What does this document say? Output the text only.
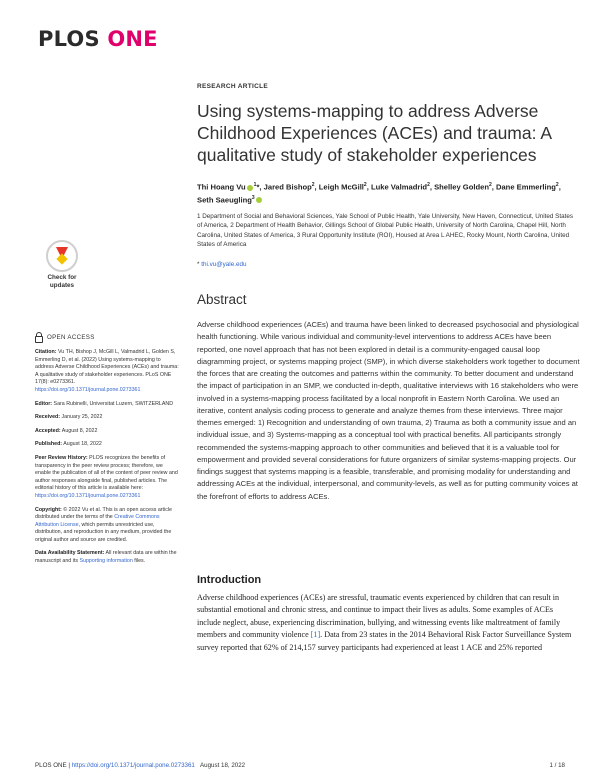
PLOS ONE
RESEARCH ARTICLE
Using systems-mapping to address Adverse Childhood Experiences (ACEs) and trauma: A qualitative study of stakeholder experiences
Thi Hoang Vu $^1$*, Jared Bishop$^2$, Leigh McGill$^2$, Luke Valmadrid$^2$, Shelley Golden$^2$, Dane Emmerling$^2$, Seth Saeugling$^3$
1 Department of Social and Behavioral Sciences, Yale School of Public Health, Yale University, New Haven, Connecticut, United States of America, 2 Department of Health Behavior, Gillings School of Global Public Health, University of North Carolina, Chapel Hill, North Carolina, United States of America, 3 Rural Opportunity Institute (ROI), Housed at Area L AHEC, Rocky Mount, North Carolina, United States of America
* thi.vu@yale.edu
Check for
updates
OPEN ACCESS
Citation: Vu TH, Bishop J, McGill L, Valmadrid L, Golden S, Emmerling D, et al. (2022) Using systems-mapping to address Adverse Childhood Experiences (ACEs) and trauma: A qualitative study of stakeholder experiences. PLoS ONE 17(8): e0273361. https://doi.org/10.1371/journal.pone.0273361
Editor: Sara Rubinelli, Universitat Luzern, SWITZERLAND
Received: January 25, 2022
Accepted: August 8, 2022
Published: August 18, 2022
Peer Review History: PLOS recognizes the benefits of transparency in the peer review process; therefore, we enable the publication of all of the content of peer review and author responses alongside final, published articles. The editorial history of this article is available here: https://doi.org/10.1371/journal.pone.0273361
Copyright: © 2022 Vu et al. This is an open access article distributed under the terms of the Creative Commons Attribution License, which permits unrestricted use, distribution, and reproduction in any medium, provided the original author and source are credited.
Data Availability Statement: All relevant data are within the manuscript and its Supporting information files.
Abstract

Adverse childhood experiences (ACEs) and trauma have been linked to decreased psychosocial and physiological health functioning. While various individual and community-level interventions to address ACEs have been reported, one novel approach that has not been explored in detail is a community-engaged causal loop diagramming project, or systems mapping project (SMP), in which diverse stakeholders work together to document the forces that are creating the outcomes and patterns within the community. To better document and understand the impact of participation in an SMP, we conducted in-depth, qualitative interviews with 16 stakeholders who were involved in a systems-mapping process facilitated by a local nonprofit in Eastern North Carolina. We used an iterative, content analysis coding process to generate and analyze themes from these interviews. Three major themes emerged: 1) Recognition and understanding of own trauma, 2) Trauma as both a community issue and an individual issue, and 3) Systems-mapping as a conceptual tool with practical benefits. All participants strongly recommended the systems-mapping approach to other communities and believed that it is a valuable tool for empowerment and provided several considerations for future organizers of similar systems-mapping projects. Our findings suggest that systems mapping is a feasible, transferable, and promising modality for understanding and addressing ACEs at the individual, interpersonal, and community-levels, as well as for putting community voices at the forefront of efforts to address ACEs.

Introduction

Adverse childhood experiences (ACEs) are stressful, traumatic events experienced by children that can result in substantial emotional and chronic stress, and continue to impact their lives as adults. Some examples of ACEs include neglect, abuse, experiencing discrimination, bullying, and witnessing events like maltreatment of family members and community violence [1]. Data from 23 states in the 2014 Behavioral Risk Factor Surveillance System survey reported that 62% of 214,157 survey participants had experienced at least 1 ACE and 25% reported

PLOS ONE | https://doi.org/10.1371/journal.pone.0273361 August 18, 2022	1 / 18
